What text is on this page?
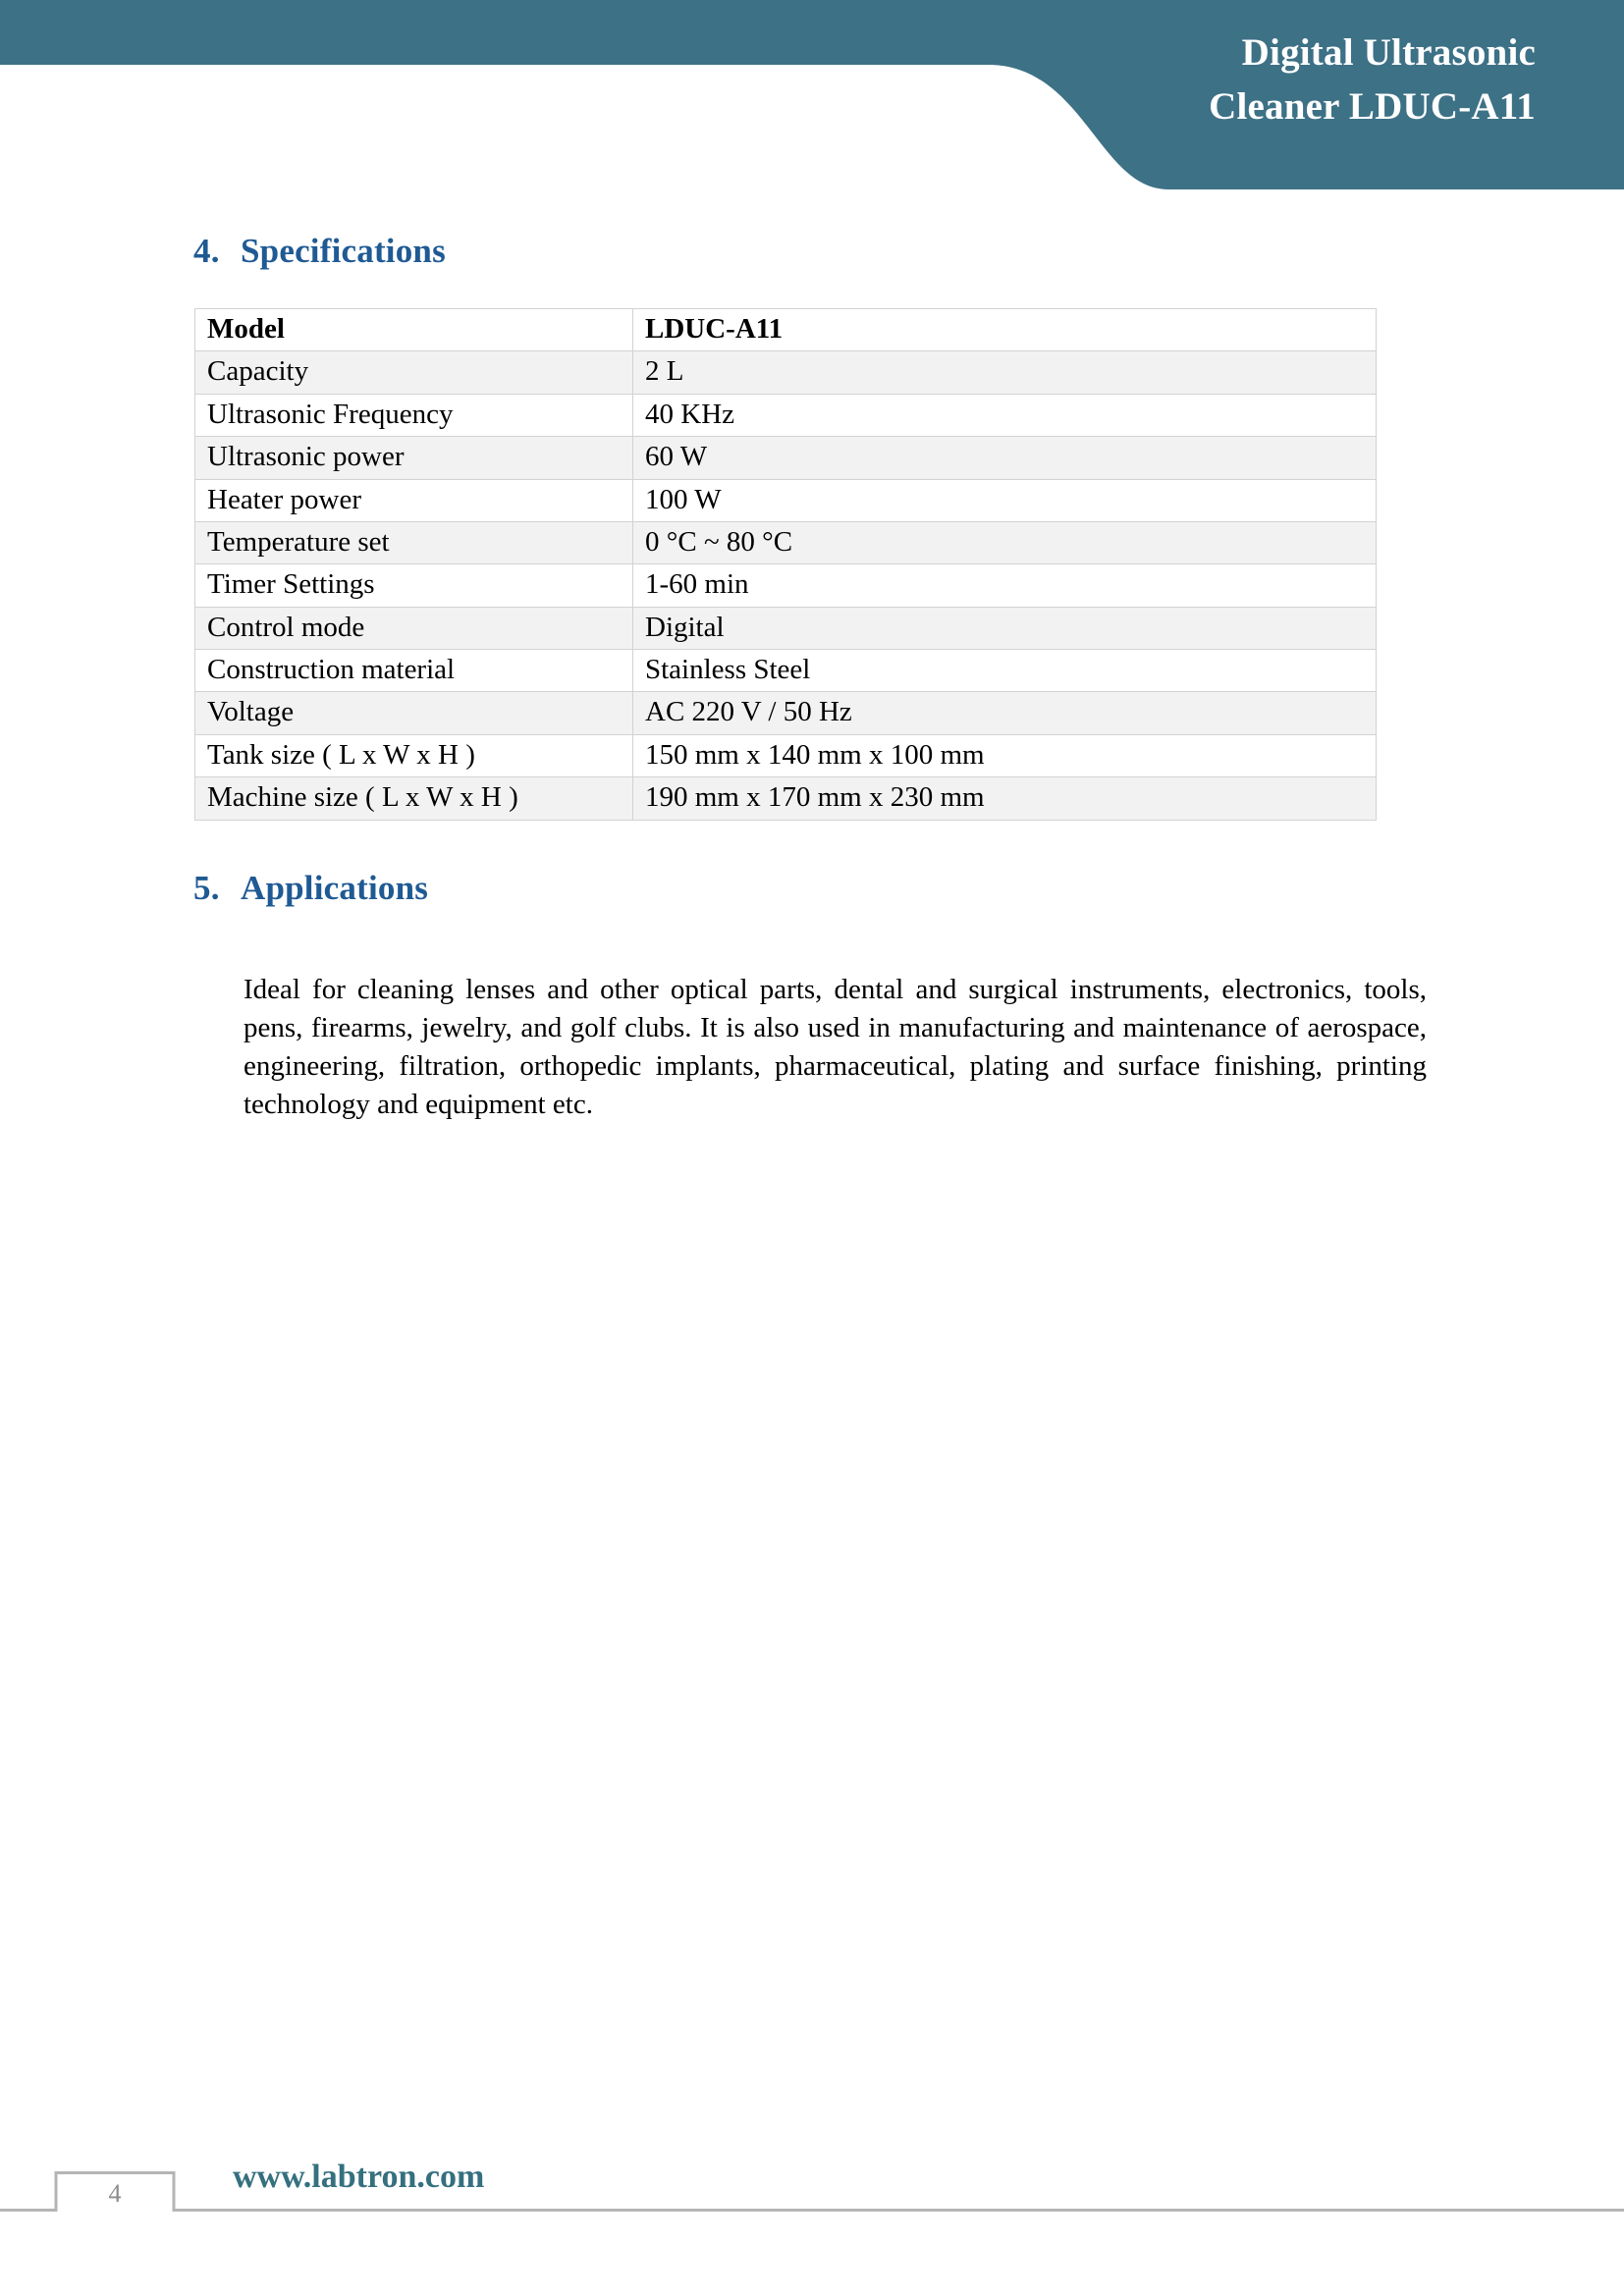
Digital Ultrasonic
Cleaner LDUC-A11
4. Specifications
Model	LDUC-A11
Capacity	2 L
Ultrasonic Frequency	40 KHz
Ultrasonic power	60 W
Heater power	100 W
Temperature set	0 °C ~ 80 °C
Timer Settings	1-60 min
Control mode	Digital
Construction material	Stainless Steel
Voltage	AC 220 V / 50 Hz
Tank size ( L x W x H )	150 mm x 140 mm x 100 mm
Machine size ( L x W x H )	190 mm x 170 mm x 230 mm
5. Applications

Ideal for cleaning lenses and other optical parts, dental and surgical instruments, electronics, tools, pens, firearms, jewelry, and golf clubs. It is also used in manufacturing and maintenance of aerospace, engineering, filtration, orthopedic implants, pharmaceutical, plating and surface finishing, printing technology and equipment etc.

4	www.labtron.com
